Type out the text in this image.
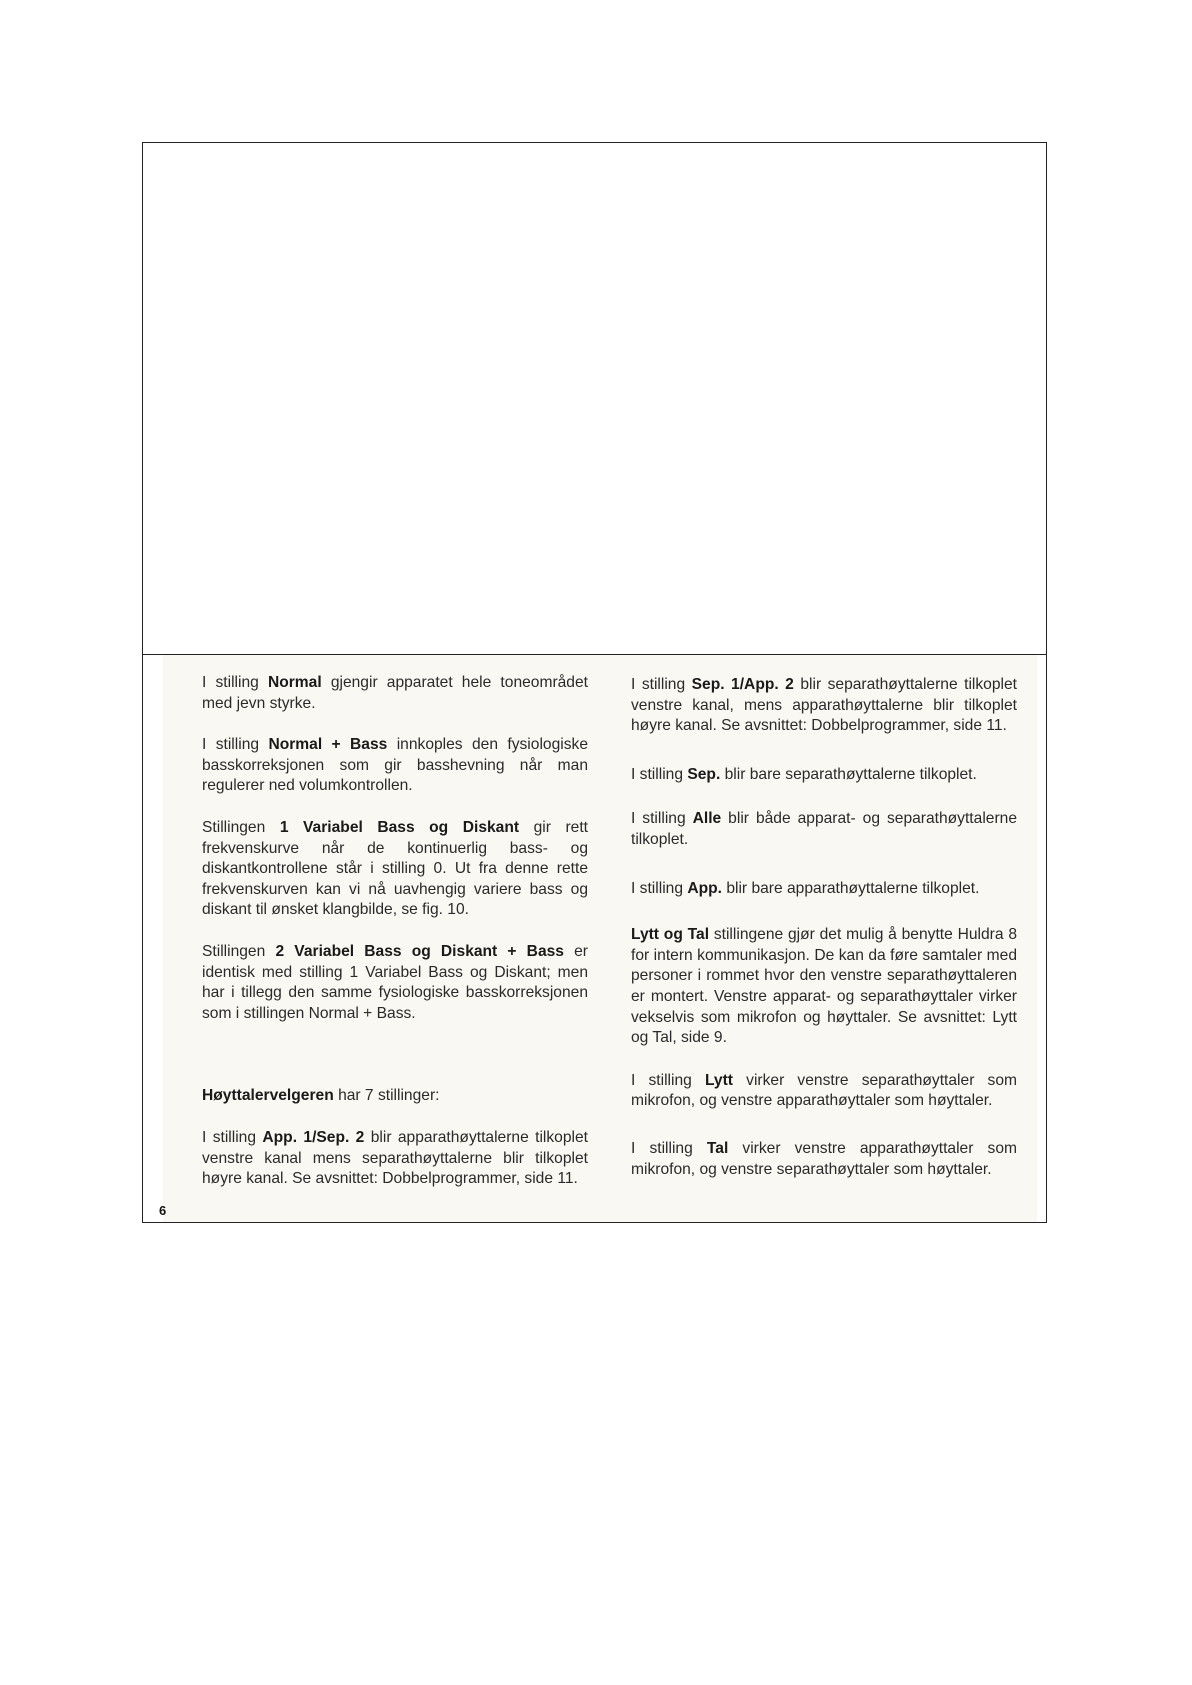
I stilling Normal gjengir apparatet hele toneområdet med jevn styrke.

I stilling Normal + Bass innkoples den fysiologiske basskorreksjonen som gir basshevning når man regulerer ned volumkontrollen.

Stillingen 1 Variabel Bass og Diskant gir rett frekvenskurve når de kontinuerlig bass- og diskantkontrollene står i stilling 0. Ut fra denne rette frekvenskurven kan vi nå uavhengig variere bass og diskant til ønsket klangbilde, se fig. 10.

Stillingen 2 Variabel Bass og Diskant + Bass er identisk med stilling 1 Variabel Bass og Diskant; men har i tillegg den samme fysiologiske basskorreksjonen som i stillingen Normal + Bass.

Høyttalervelgeren har 7 stillinger:

I stilling App. 1/Sep. 2 blir apparathøyttalerne tilkoplet venstre kanal mens separathøyttalerne blir tilkoplet høyre kanal. Se avsnittet: Dobbelprogrammer, side 11.

I stilling Sep. 1/App. 2 blir separathøyttalerne tilkoplet venstre kanal, mens apparathøyttalerne blir tilkoplet høyre kanal. Se avsnittet: Dobbelprogrammer, side 11.

I stilling Sep. blir bare separathøyttalerne tilkoplet.

I stilling Alle blir både apparat- og separathøyttalerne tilkoplet.

I stilling App. blir bare apparathøyttalerne tilkoplet.

Lytt og Tal stillingene gjør det mulig å benytte Huldra 8 for intern kommunikasjon. De kan da føre samtaler med personer i rommet hvor den venstre separathøyttaleren er montert. Venstre apparat- og separathøyttaler virker vekselvis som mikrofon og høyttaler. Se avsnittet: Lytt og Tal, side 9.

I stilling Lytt virker venstre separathøyttaler som mikrofon, og venstre apparathøyttaler som høyttaler.

I stilling Tal virker venstre apparathøyttaler som mikrofon, og venstre separathøyttaler som høyttaler.

6
